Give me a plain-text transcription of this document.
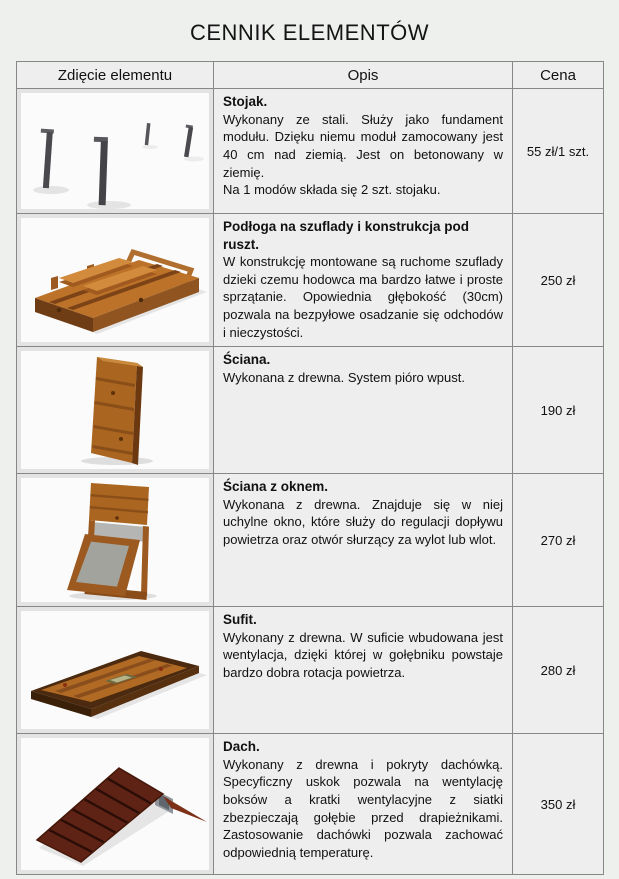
CENNIK ELEMENTÓW
Zdięcie elementu	Opis	Cena

Stojak.

Wykonany ze stali. Służy jako fundament modułu. Dzięku niemu moduł zamocowany jest 40 cm nad ziemią. Jest on betonowany w ziemię.

Na 1 modów składa się 2 szt. stojaku.	55 zł/1 szt.

Podłoga na szuflady i konstrukcja pod ruszt.

W konstrukcję montowane są ruchome szuflady dzieki czemu hodowca ma bardzo łatwe i proste sprzątanie. Opowiednia głębokość (30cm) pozwala na bezpyłowe osadzanie się odchodów i nieczystości.	250 zł

Ściana.

Wykonana z drewna. System pióro wpust.	190 zł

Ściana z oknem.

Wykonana z drewna. Znajduje się w niej uchylne okno, które służy do regulacji dopływu powietrza oraz otwór słurzący za wylot lub wlot.	270 zł

Sufit.

Wykonany z drewna. W suficie wbudowana jest wentylacja, dzięki której w gołębniku powstaje bardzo dobra rotacja powietrza.	280 zł

Dach.

Wykonany z drewna i pokryty dachówką. Specyficzny uskok pozwala na wentylację boksów a kratki wentylacyjne z siatki zbezpieczają gołębie przed drapieżnikami. Zastosowanie dachówki pozwala zachować odpowiednią temperaturę.	350 zł
